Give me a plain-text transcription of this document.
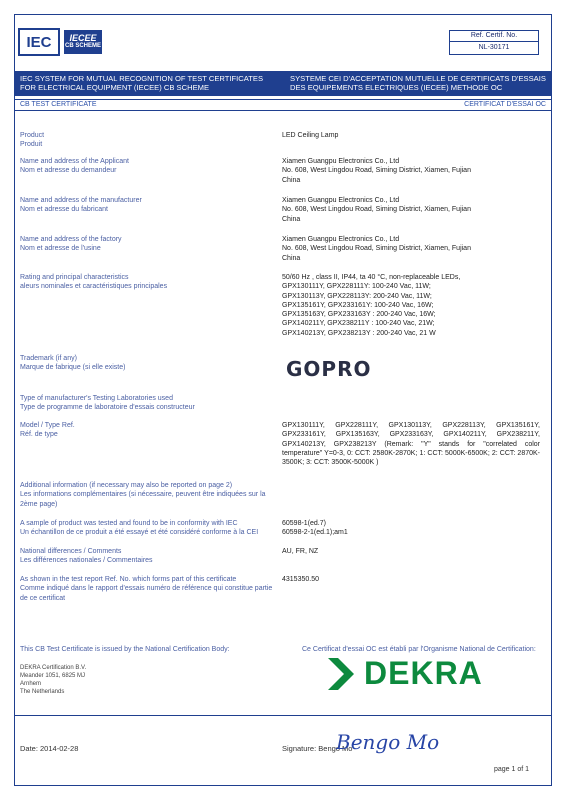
IEC	IECEE
CB SCHEME
Ref. Certif. No.
NL-30171
IEC SYSTEM FOR MUTUAL RECOGNITION OF TEST CERTIFICATES
FOR ELECTRICAL EQUIPMENT (IECEE) CB SCHEME
SYSTEME CEI D'ACCEPTATION MUTUELLE DE CERTIFICATS D'ESSAIS
DES EQUIPEMENTS ELECTRIQUES (IECEE) METHODE OC
CB TEST CERTIFICATE	CERTIFICAT D'ESSAI OC
Product
Produit
LED Ceiling Lamp
Name and address of the Applicant
Nom et adresse du demandeur
Xiamen Guangpu Electronics Co., Ltd
No. 608, West Lingdou Road, Siming District, Xiamen, Fujian
China
Name and address of the manufacturer
Nom et adresse du fabricant
Xiamen Guangpu Electronics Co., Ltd
No. 608, West Lingdou Road, Siming District, Xiamen, Fujian
China
Name and address of the factory
Nom et adresse de l'usine
Xiamen Guangpu Electronics Co., Ltd
No. 608, West Lingdou Road, Siming District, Xiamen, Fujian
China
Rating and principal characteristics
aleurs nominales et caractéristiques principales
50/60 Hz , class II, IP44, ta 40 °C, non-replaceable LEDs,
GPX130111Y, GPX228111Y: 100-240 Vac, 11W;
GPX130113Y, GPX228113Y: 200-240 Vac, 11W;
GPX135161Y, GPX233161Y: 100-240 Vac, 16W;
GPX135163Y, GPX233163Y : 200-240 Vac, 16W;
GPX140211Y, GPX238211Y : 100-240 Vac, 21W;
GPX140213Y, GPX238213Y : 200-240 Vac, 21 W
Trademark (if any)
Marque de fabrique (si elle existe)	GOPRO
Type of manufacturer's Testing Laboratories used
Type de programme de laboratoire d'essais constructeur
Model / Type Ref.
Réf. de type
GPX130111Y, GPX228111Y, GPX130113Y, GPX228113Y, GPX135161Y, GPX233161Y, GPX135163Y, GPX233163Y, GPX140211Y, GPX238211Y, GPX140213Y, GPX238213Y (Remark: "Y" stands for "correlated color temperature" Y=0-3, 0: CCT: 2580K-2870K; 1: CCT: 5000K-6500K; 2: CCT: 2870K-3500K; 3: CCT: 3500K-5000K )
Additional information (if necessary may also be reported on page 2)
Les informations complémentaires (si nécessaire, peuvent être indiquées sur la 2ème page)
A sample of product was tested and found to be in conformity with IEC
Un échantillon de ce produit a été essayé et été considéré conforme à la CEI
60598-1(ed.7)
60598-2-1(ed.1);am1
National differences / Comments
Les différences nationales / Commentaires
AU, FR, NZ
As shown in the test report Ref. No. which forms part of this certificate
Comme indiqué dans le rapport d'essais numéro de référence qui constitue partie de ce certificat
4315350.50
This CB Test Certificate is issued by the National Certification Body:	Ce Certificat d'essai OC est établi par l'Organisme National de Certification:
DEKRA Certification B.V.
Meander 1051, 6825 MJ
Arnhem
The Netherlands
DEKRA
Date: 2014-02-28	Signature: Bengo Mo
Bengo Mo
page 1 of 1
